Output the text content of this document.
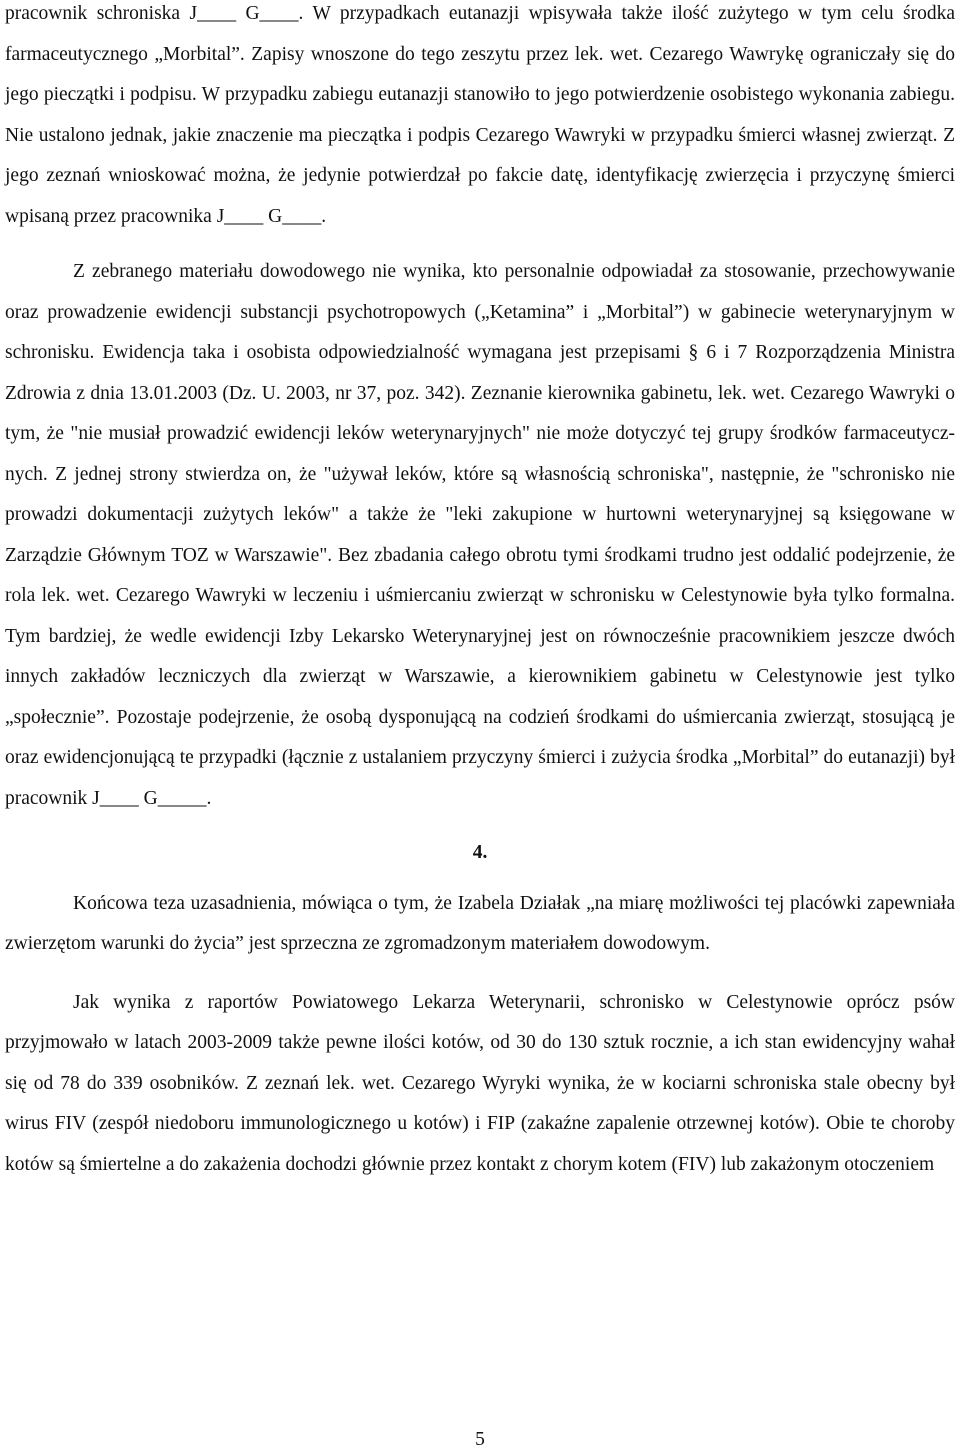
pracownik schroniska J____ G____. W przypadkach eutanazji wpisywała także ilość zużytego w tym celu środka farmaceutycznego „Morbital”. Zapisy wnoszone do tego zeszytu przez lek. wet. Cezarego Wawrykę ograniczały się do jego pieczątki i podpisu. W przypadku zabiegu eutanazji stanowiło to jego potwierdzenie osobistego wykonania zabiegu. Nie ustalono jednak, jakie znaczenie ma pieczątka i podpis Cezarego Wawryki w przypadku śmierci własnej zwierząt. Z jego zeznań wnioskować można, że jedynie potwierdzał po fakcie datę, identyfikację zwierzęcia i przyczynę śmierci wpisaną przez pracownika J____ G____.

Z zebranego materiału dowodowego nie wynika, kto personalnie odpowiadał za stosowanie, przechowywanie oraz prowadzenie ewidencji substancji psychotropowych („Ketamina” i „Morbital”) w gabinecie weterynaryjnym w schronisku. Ewidencja taka i osobista odpowiedzialność wymagana jest przepisami § 6 i 7 Rozporządzenia Ministra Zdrowia z dnia 13.01.2003 (Dz. U. 2003, nr 37, poz. 342). Zeznanie kierownika gabinetu, lek. wet. Cezarego Wawryki o tym, że "nie musiał prowadzić ewidencji leków weterynaryjnych" nie może dotyczyć tej grupy środków farmaceutycznych. Z jednej strony stwierdza on, że "używał leków, które są własnością schroniska", następnie, że "schronisko nie prowadzi dokumentacji zużytych leków" a także że "leki zakupione w hurtowni weterynaryjnej są księgowane w Zarządzie Głównym TOZ w Warszawie". Bez zbadania całego obrotu tymi środkami trudno jest oddalić podejrzenie, że rola lek. wet. Cezarego Wawryki w leczeniu i uśmiercaniu zwierząt w schronisku w Celestynowie była tylko formalna. Tym bardziej, że wedle ewidencji Izby Lekarsko Weterynaryjnej jest on równocześnie pracownikiem jeszcze dwóch innych zakładów leczniczych dla zwierząt w Warszawie, a kierownikiem gabinetu w Celestynowie jest tylko „społecznie”. Pozostaje podejrzenie, że osobą dysponującą na codzień środkami do uśmiercania zwierząt, stosującą je oraz ewidencjonującą te przypadki (łącznie z ustalaniem przyczyny śmierci i zużycia środka „Morbital” do eutanazji) był pracownik J____ G_____.

4.

Końcowa teza uzasadnienia, mówiąca o tym, że Izabela Działak „na miarę możliwości tej placówki zapewniała zwierzętom warunki do życia” jest sprzeczna ze zgromadzonym materiałem dowodowym.

Jak wynika z raportów Powiatowego Lekarza Weterynarii, schronisko w Celestynowie oprócz psów przyjmowało w latach 2003-2009 także pewne ilości kotów, od 30 do 130 sztuk rocznie, a ich stan ewidencyjny wahał się od 78 do 339 osobników. Z zeznań lek. wet. Cezarego Wyryki wynika, że w kociarni schroniska stale obecny był wirus FIV (zespół niedoboru immunologicznego u kotów) i FIP (zakaźne zapalenie otrzewnej kotów). Obie te choroby kotów są śmiertelne a do zakażenia dochodzi głównie przez kontakt z chorym kotem (FIV) lub zakażonym otoczeniem

5
